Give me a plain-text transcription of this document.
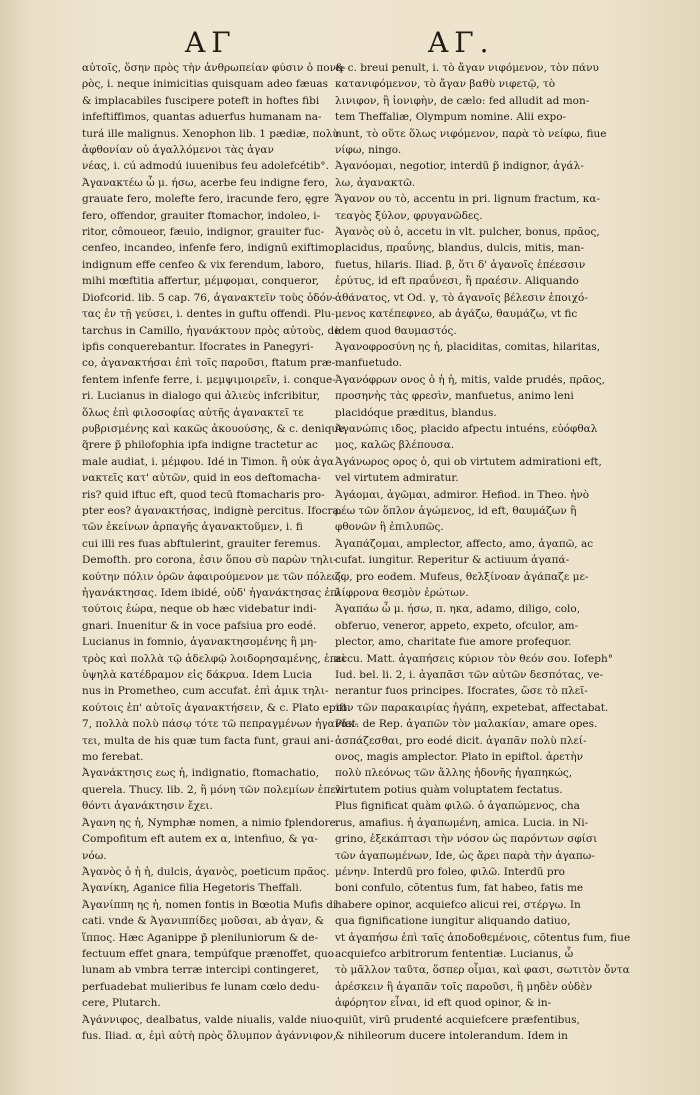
ΑΓ	ΑΓ.
αὐτοῖς, ὅσην πρὸς τὴν ἀνθρωπείαν φύσιν ὁ πονη-
ρὸς, i. neque inimicitias quisquam adeo fæuas
& implacabiles fuscipere poteft in hoftes fibi
infeftiffimos, quantas aduerfus humanam na-
turá ille malignus. Xenophon lib. 1 pædiæ, πολὺ
ἀφθονίαν οὐ ἀγαλλόμενοι τὰς ἀγαν
νέας, i. cú admodú iuuenibus feu adolefcétib°.
Ἀγανακτέω ὦ μ. ήσω, acerbe feu indigne fero,
grauate fero, molefte fero, iracunde fero, ęgre
fero, offendor, grauiter ftomachor, indoleo, i-
ritor, cômoueor, fæuio, indignor, grauiter fuc-
cenfeo, incandeo, infenfe fero, indignū exiftimo,
indignum effe cenfeo & vix ferendum, laboro,
mihi mœftitia affertur, μέμφομαι, conqueror,
Diofcorid. lib. 5 cap. 76, ἀγανακτεῖν τοὺς ὀδόν-
τας ἐν τῇ γεύσει, i. dentes in guftu offendi. Plu-
tarchus in Camillo, ἠγανάκτουν πρὸς αὐτοὺς, de
ipfis conquerebantur. Ifocrates in Panegyri-
co, ἀγανακτήσαι ἐπὶ τοῖς παροῦσι, ftatum præ-
fentem infenfe ferre, i. μεμψιμοιρεῖν, i. conque-
ri. Lucianus in dialogo qui ἁλιεὺς infcribitur,
ὅλως ἐπὶ φιλοσοφίας αὐτῆς ἀγανακτεῖ τε
ρυβρισμένης καὶ κακῶς ἀκουούσης, & c. denique
q̃rere p̃ philofophia ipfa indigne tractetur ac
male audiat, i. μέμφου. Idé in Timon. ἢ οὐκ ἀγα
νακτεῖς κατ' αὐτῶν, quid in eos deftomacha-
ris? quid iftuc eft, quod tecū ftomacharis pro-
pter eos? ἀγανακτήσας, indignè percitus. Ifocra.
τῶν ἐκείνων ἀρπαγῆς ἀγανακτοῦμεν, i. fi
cui illi res fuas abftulerint, grauiter feremus.
Demofth. pro corona, ἐσιν ὅπου σὺ παρὼν τηλι-
κούτην πόλιν ὁρῶν ἀφαιρούμενον με τῶν πόλεως
ἠγανάκτησας. Idem ibidé, οὐδ' ἠγανάκτησας ἐπὶ
τούτοις ἑώρα, neque ob hæc videbatur indi-
gnari. Inuenitur & in voce pafsiua pro eodé.
Lucianus in fomnio, ἀγανακτησομένης ἢ μη-
τρὸς καὶ πολλὰ τῷ ἀδελφῷ λοιδορησαμένης, ἐπεὶ
ὑψηλὰ κατέδραμον εἰς δάκρυα. Idem Lucia
nus in Prometheo, cum accufat. ἐπὶ ἀμικ τηλι-
κούτοις ἐπ' αὐτοῖς ἀγανακτήσειν, & c. Plato epift.
7, πολλὰ πολὺ πάσῳ τότε τῶ πεπραγμένων ἠγανάκ-
τει, multa de his quæ tum facta funt, graui ani-
mo ferebat.
Ἀγανάκτησις εως ἡ, indignatio, ftomachatio,
querela. Thucy. lib. 2, ἢ μόνη τῶν πολεμίων ἐπελ
θόντι ἀγανάκτησιν ἔχει.
Ἀγανη ης ἡ, Nymphæ nomen, a nimio fplendore.
Compofitum eft autem ex α, intenfiuo, & γα-
νόω.
Ἀγανὸς ὁ ἡ ἡ, dulcis, ἀγανὸς, poeticum πρᾶος.
Ἀγανίκη, Aganice filia Hegetoris Theffali.
Ἀγανίππη ης ἡ, nomen fontis in Bœotia Mufis di
cati. vnde & Ἀγανιππίδες μοῦσαι, ab ἀγαν, &
ἵππος. Hæc Aganippe p̃ pleniluniorum & de-
fectuum effet gnara, tempúfque prænoffet, quo
lunam ab vmbra terræ intercipi contingeret,
perfuadebat mulieribus fe lunam cœlo dedu-
cere, Plutarch.
Ἀγάννιφος, dealbatus, valde niualis, valde niuo-
fus. Iliad. α, ἐμὶ αὐτὴ πρὸς ὄλυμπον ἀγάννιφον,
& c. breui penult, i. τὸ ἄγαν νιφόμενον, τὸν πάνυ
κατανιφόμενον, τὸ ἄγαν βαθὺ νιφετῷ, τὸ
λινιφον, ἢ ἰονιφὴν, de cælo: fed alludit ad mon-
tem Theffaliæ, Olympum nomine. Alii expo-
nunt, τὸ οὕτε ὅλως νιφόμενον, παρὰ τὸ νείφω, fiue
νίφω, ningo.
Ἀγανόομαι, negotior, interdū p̃ indignor, ἀγάλ-
λω, ἀγανακτῶ.
Ἄγανον ου τὸ, accentu in pri. lignum fractum, κα-
τεαγὸς ξύλον, φρυγανῶδες.
Ἀγανὸς οὐ ὁ, accetu in vlt. pulcher, bonus, πρᾶος,
placidus, πραΰνης, blandus, dulcis, mitis, man-
fuetus, hilaris. Iliad. β, ὅτι δ' ἀγανοῖς ἐπέεσσιν
ἐρύτυς, id eft πραΰνεσι, ἢ πραέσιν. Aliquando
ἀθάνατος, vt Od. γ, τὸ ἀγανοῖς βέλεσιν ἐποιχό-
μενος κατέπεφνεο, ab ἀγάζω, θαυμάζω, vt fic
idem quod θαυμαστός.
Ἀγανοφροσύνη ης ἡ, placiditas, comitas, hilaritas,
manfuetudo.
Ἀγανόφρων ονος ὁ ἡ ἡ, mitis, valde prudés, πρᾶος,
προσηνὴς τὰς φρεσὶν, manfuetus, animo leni
placidóque præditus, blandus.
Ἀγανώπις ιδος, placido afpectu intuéns, εὐόφθαλ
μος, καλῶς βλέπουσα.
Ἀγάνωρος ορος ὁ, qui ob virtutem admirationi eft,
vel virtutem admiratur.
Ἀγάομαι, ἀγῶμαι, admiror. Hefiod. in Theo. ἠνὸ
ρέω τῶν ὅπλον ἀγώμενος, id eft, θαυμάζων ἢ
φθονῶν ἢ ἐπιλυπῶς.
Ἀγαπάζομαι, amplector, affecto, amo, ἀγαπῶ, ac
cufat. iungitur. Reperitur & actiuum ἀγαπά-
ζω, pro eodem. Mufeus, θελξίνοαν ἀγάπαζε με-
λίφρονα θεσμὸν ἐρώτων.
Ἀγαπάω ὦ μ. ήσω, π. ηκα, adamo, diligo, colo,
obferuo, veneror, appeto, expeto, ofculor, am-
plector, amo, charitate fue amore profequor.
accu. Matt. ἀγαπήσεις κύριον τὸν θεόν σου. Iofeph°
Iud. bel. li. 2, i. ἀγαπᾶσι τῶν αὐτῶν δεσπότας, ve-
nerantur fuos principes. Ifocrates, ὥσε τὸ πλεῖ-
τον τῶν παρακαιρίας ἠγάπη, expetebat, affectabat.
Plat. de Rep. ἀγαπῶν τὸν μαλακίαν, amare opes.
ἀσπάζεσθαι, pro eodé dicit. ἀγαπᾶν πολὺ πλεί-
ονος, magis amplector. Plato in epiftol. ἀρετὴν
πολὺ πλεόνως τῶν ἄλλης ἡδονῆς ἠγαπηκώς,
virtutem potius quàm voluptatem fectatus.
Plus fignificat quàm φιλῶ. ὁ ἀγαπώμενος, cha
rus, amafius. ἡ ἀγαπωμένη, amica. Lucia. in Ni-
grino, ἐξεκάπτασι τὴν νόσον ὡς παρόντων σφίσι
τῶν ἀγαπωμένων, Ide, ὡς ἄρει παρὰ τὴν ἀγαπω-
μένην. Interdū pro foleo, φιλῶ. Interdū pro
boni confulo, cõtentus fum, fat habeo, fatis me
habere opinor, acquiefco alicui rei, στέργω. In
qua fignificatione iungitur aliquando datiuo,
vt ἀγαπήσω ἐπὶ ταῖς ἀποδοθεμένοις, cõtentus fum, fiue
acquiefco arbitrorum fententiæ. Lucianus, ὦ
τὸ μᾶλλον ταῦτα, ὅσπερ οἶμαι, καὶ φασι, σωτιτὸν ὄντα
ἀρέσκειν ἢ ἀγαπᾶν τοῖς παροῦσι, ἢ μηδὲν οὐδὲν
ἀφόρητον εἶναι, id eft quod opinor, & in-
quiūt, virū prudenté acquiefcere præfentibus,
& nihileorum ducere intolerandum. Idem in
